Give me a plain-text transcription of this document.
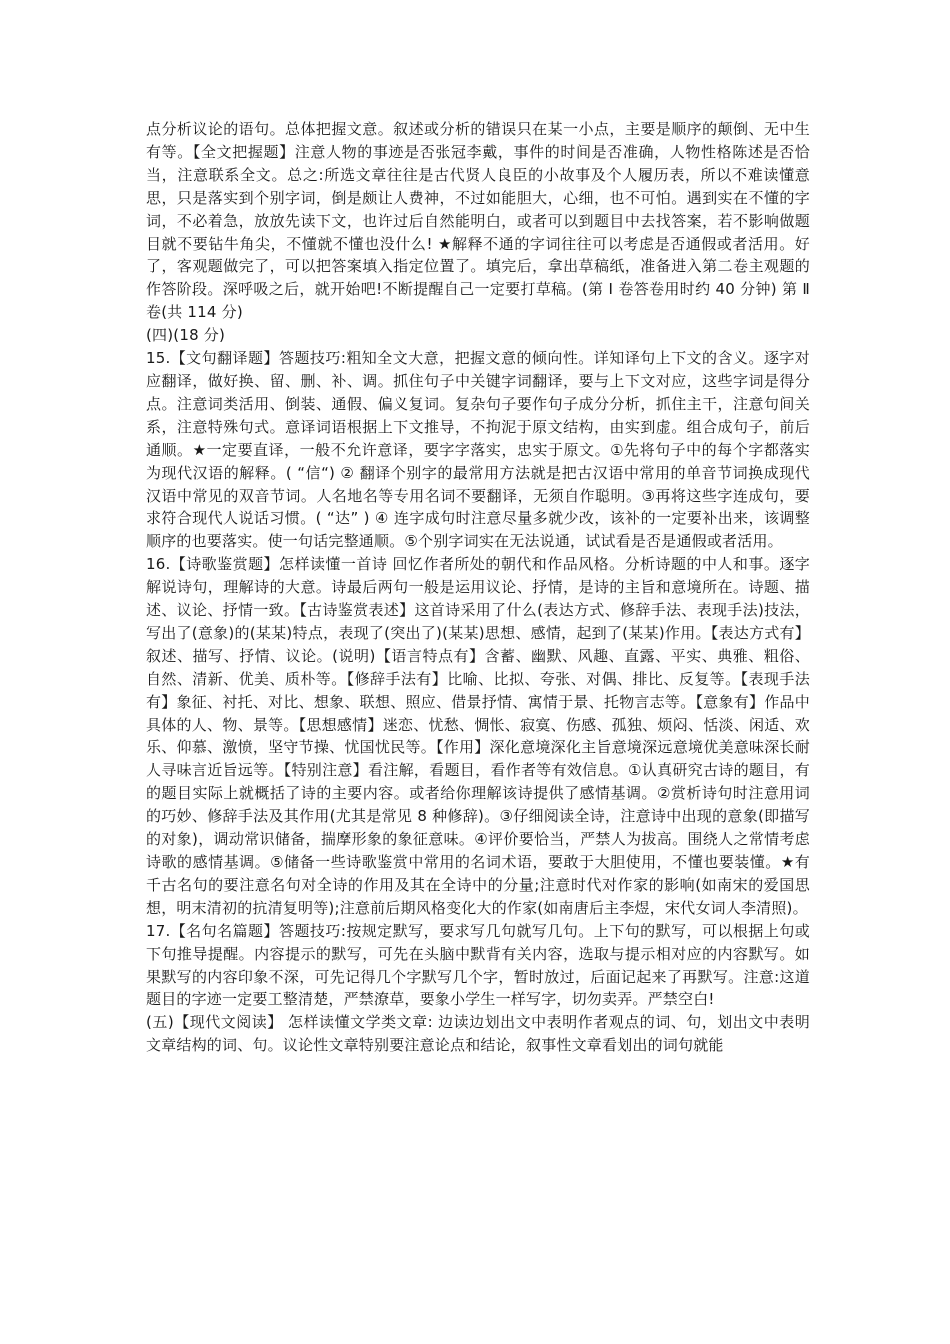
点分析议论的语句。总体把握文意。叙述或分析的错误只在某一小点，主要是顺序的颠倒、无中生有等。【全文把握题】注意人物的事迹是否张冠李戴，事件的时间是否准确，人物性格陈述是否恰当，注意联系全文。总之:所选文章往往是古代贤人良臣的小故事及个人履历表，所以不难读懂意思，只是落实到个别字词，倒是颇让人费神，不过如能胆大，心细，也不可怕。遇到实在不懂的字词，不必着急，放放先读下文，也许过后自然能明白，或者可以到题目中去找答案，若不影响做题目就不要钻牛角尖，不懂就不懂也没什么! ★解释不通的字词往往可以考虑是否通假或者活用。好了，客观题做完了，可以把答案填入指定位置了。填完后，拿出草稿纸，准备进入第二卷主观题的作答阶段。深呼吸之后，就开始吧!不断提醒自己一定要打草稿。(第 Ⅰ 卷答卷用时约 40 分钟) 第 Ⅱ 卷(共 114 分)

(四)(18 分)

15.【文句翻译题】答题技巧:粗知全文大意，把握文意的倾向性。详知译句上下文的含义。逐字对应翻译，做好换、留、删、补、调。抓住句子中关键字词翻译，要与上下文对应，这些字词是得分点。注意词类活用、倒装、通假、偏义复词。复杂句子要作句子成分分析，抓住主干，注意句间关系，注意特殊句式。意译词语根据上下文推导，不拘泥于原文结构，由实到虚。组合成句子，前后通顺。★一定要直译，一般不允许意译，要字字落实，忠实于原文。①先将句子中的每个字都落实为现代汉语的解释。( “信“) ② 翻译个别字的最常用方法就是把古汉语中常用的单音节词换成现代汉语中常见的双音节词。人名地名等专用名词不要翻译，无须自作聪明。③再将这些字连成句，要求符合现代人说话习惯。( “达” ) ④ 连字成句时注意尽量多就少改，该补的一定要补出来，该调整顺序的也要落实。使一句话完整通顺。⑤个别字词实在无法说通，试试看是否是通假或者活用。

16.【诗歌鉴赏题】怎样读懂一首诗 回忆作者所处的朝代和作品风格。分析诗题的中人和事。逐字解说诗句，理解诗的大意。诗最后两句一般是运用议论、抒情，是诗的主旨和意境所在。诗题、描述、议论、抒情一致。【古诗鉴赏表述】这首诗采用了什么(表达方式、修辞手法、表现手法)技法，写出了(意象)的(某某)特点，表现了(突出了)(某某)思想、感情，起到了(某某)作用。【表达方式有】叙述、描写、抒情、议论。(说明)【语言特点有】含蓄、幽默、风趣、直露、平实、典雅、粗俗、自然、清新、优美、质朴等。【修辞手法有】比喻、比拟、夸张、对偶、排比、反复等。【表现手法有】象征、衬托、对比、想象、联想、照应、借景抒情、寓情于景、托物言志等。【意象有】作品中具体的人、物、景等。【思想感情】迷恋、忧愁、惆怅、寂寞、伤感、孤独、烦闷、恬淡、闲适、欢乐、仰慕、激愤，坚守节操、忧国忧民等。【作用】深化意境深化主旨意境深远意境优美意味深长耐人寻味言近旨远等。【特别注意】看注解，看题目，看作者等有效信息。①认真研究古诗的题目，有的题目实际上就概括了诗的主要内容。或者给你理解该诗提供了感情基调。②赏析诗句时注意用词的巧妙、修辞手法及其作用(尤其是常见 8 种修辞)。③仔细阅读全诗，注意诗中出现的意象(即描写的对象)，调动常识储备，揣摩形象的象征意味。④评价要恰当，严禁人为拔高。围绕人之常情考虑诗歌的感情基调。⑤储备一些诗歌鉴赏中常用的名词术语，要敢于大胆使用，不懂也要装懂。★有千古名句的要注意名句对全诗的作用及其在全诗中的分量;注意时代对作家的影响(如南宋的爱国思想，明末清初的抗清复明等);注意前后期风格变化大的作家(如南唐后主李煜，宋代女词人李清照)。

17.【名句名篇题】答题技巧:按规定默写，要求写几句就写几句。上下句的默写，可以根据上句或下句推导提醒。内容提示的默写，可先在头脑中默背有关内容，选取与提示相对应的内容默写。如果默写的内容印象不深，可先记得几个字默写几个字，暂时放过，后面记起来了再默写。注意:这道题目的字迹一定要工整清楚，严禁潦草，要象小学生一样写字，切勿卖弄。严禁空白!

(五)【现代文阅读】 怎样读懂文学类文章: 边读边划出文中表明作者观点的词、句，划出文中表明文章结构的词、句。议论性文章特别要注意论点和结论，叙事性文章看划出的词句就能
